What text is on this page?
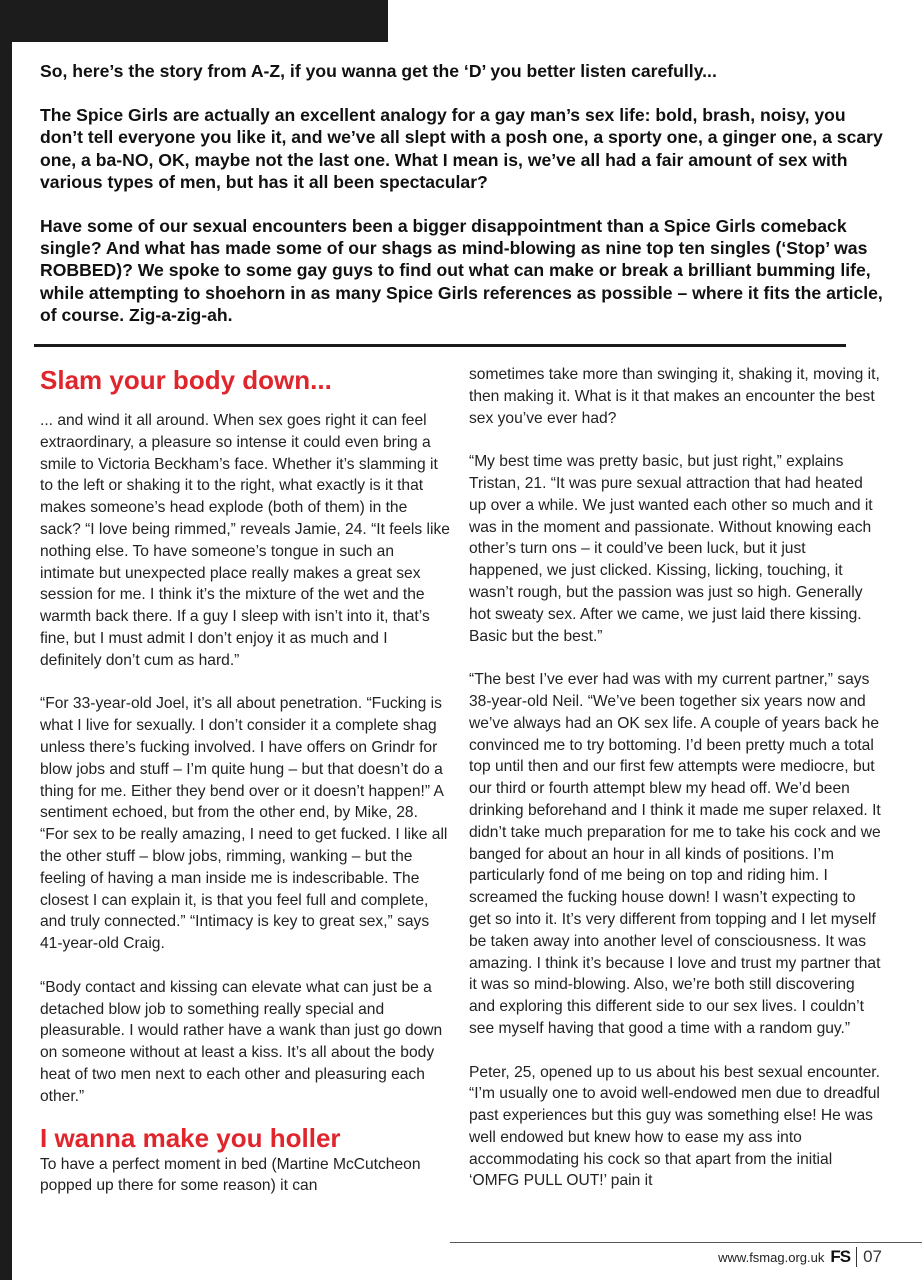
So, here’s the story from A-Z, if you wanna get the ‘D’ you better listen carefully...

The Spice Girls are actually an excellent analogy for a gay man’s sex life: bold, brash, noisy, you don’t tell everyone you like it, and we’ve all slept with a posh one, a sporty one, a ginger one, a scary one, a ba-NO, OK, maybe not the last one. What I mean is, we’ve all had a fair amount of sex with various types of men, but has it all been spectacular?

Have some of our sexual encounters been a bigger disappointment than a Spice Girls comeback single? And what has made some of our shags as mind-blowing as nine top ten singles (‘Stop’ was ROBBED)? We spoke to some gay guys to find out what can make or break a brilliant bumming life, while attempting to shoehorn in as many Spice Girls references as possible – where it fits the article, of course. Zig-a-zig-ah.

Slam your body down...

... and wind it all around. When sex goes right it can feel extraordinary, a pleasure so intense it could even bring a smile to Victoria Beckham’s face. Whether it’s slamming it to the left or shaking it to the right, what exactly is it that makes someone’s head explode (both of them) in the sack? “I love being rimmed,” reveals Jamie, 24. “It feels like nothing else. To have someone’s tongue in such an intimate but unexpected place really makes a great sex session for me. I think it’s the mixture of the wet and the warmth back there. If a guy I sleep with isn’t into it, that’s fine, but I must admit I don’t enjoy it as much and I definitely don’t cum as hard.”

“For 33-year-old Joel, it’s all about penetration. “Fucking is what I live for sexually. I don’t consider it a complete shag unless there’s fucking involved. I have offers on Grindr for blow jobs and stuff – I’m quite hung – but that doesn’t do a thing for me. Either they bend over or it doesn’t happen!” A sentiment echoed, but from the other end, by Mike, 28. “For sex to be really amazing, I need to get fucked. I like all the other stuff – blow jobs, rimming, wanking – but the feeling of having a man inside me is indescribable. The closest I can explain it, is that you feel full and complete, and truly connected.” “Intimacy is key to great sex,” says 41-year-old Craig.

“Body contact and kissing can elevate what can just be a detached blow job to something really special and pleasurable. I would rather have a wank than just go down on someone without at least a kiss. It’s all about the body heat of two men next to each other and pleasuring each other.”

I wanna make you holler

To have a perfect moment in bed (Martine McCutcheon popped up there for some reason) it can

sometimes take more than swinging it, shaking it, moving it, then making it. What is it that makes an encounter the best sex you’ve ever had?

“My best time was pretty basic, but just right,” explains Tristan, 21. “It was pure sexual attraction that had heated up over a while. We just wanted each other so much and it was in the moment and passionate. Without knowing each other’s turn ons – it could’ve been luck, but it just happened, we just clicked. Kissing, licking, touching, it wasn’t rough, but the passion was just so high. Generally hot sweaty sex. After we came, we just laid there kissing. Basic but the best.”

“The best I’ve ever had was with my current partner,” says 38-year-old Neil. “We’ve been together six years now and we’ve always had an OK sex life. A couple of years back he convinced me to try bottoming. I’d been pretty much a total top until then and our first few attempts were mediocre, but our third or fourth attempt blew my head off. We’d been drinking beforehand and I think it made me super relaxed. It didn’t take much preparation for me to take his cock and we banged for about an hour in all kinds of positions. I’m particularly fond of me being on top and riding him. I screamed the fucking house down! I wasn’t expecting to get so into it. It’s very different from topping and I let myself be taken away into another level of consciousness. It was amazing. I think it’s because I love and trust my partner that it was so mind-blowing. Also, we’re both still discovering and exploring this different side to our sex lives. I couldn’t see myself having that good a time with a random guy.”

Peter, 25, opened up to us about his best sexual encounter. “I’m usually one to avoid well-endowed men due to dreadful past experiences but this guy was something else! He was well endowed but knew how to ease my ass into accommodating his cock so that apart from the initial ‘OMFG PULL OUT!’ pain it

www.fsmag.org.uk FS 07
